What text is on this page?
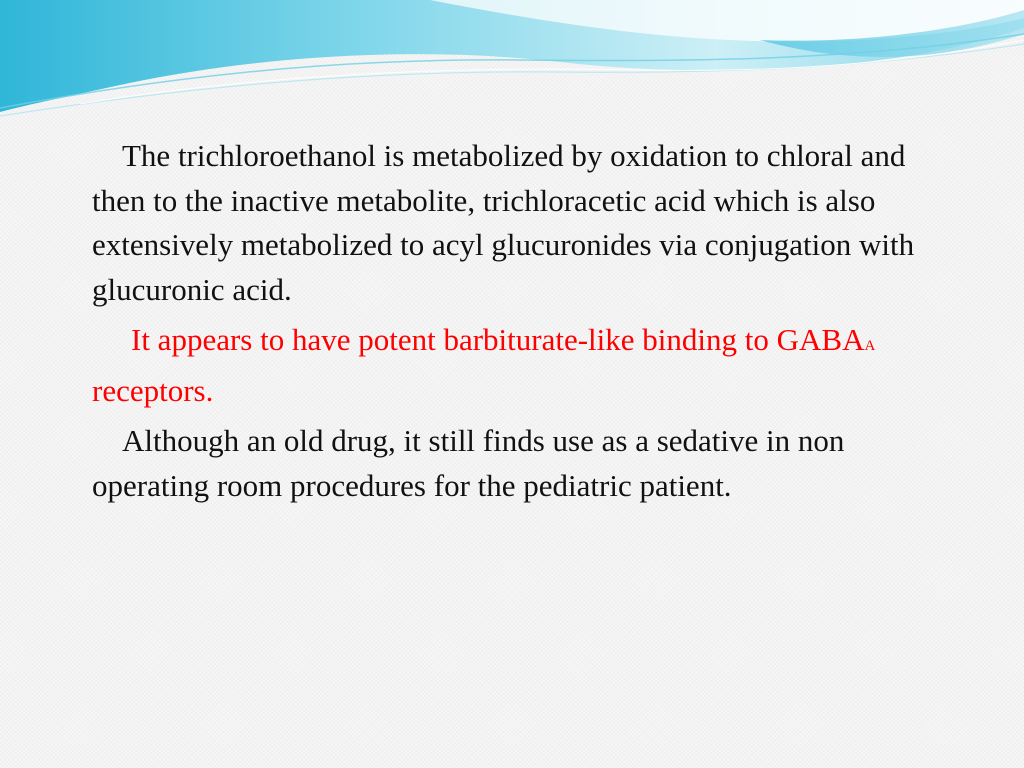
The trichloroethanol is metabolized by oxidation to chloral and then to the inactive metabolite, trichloracetic acid which is also extensively metabolized to acyl glucuronides via conjugation with glucuronic acid.

It appears to have potent barbiturate-like binding to GABAA receptors.

Although an old drug, it still finds use as a sedative in non operating room procedures for the pediatric patient.
